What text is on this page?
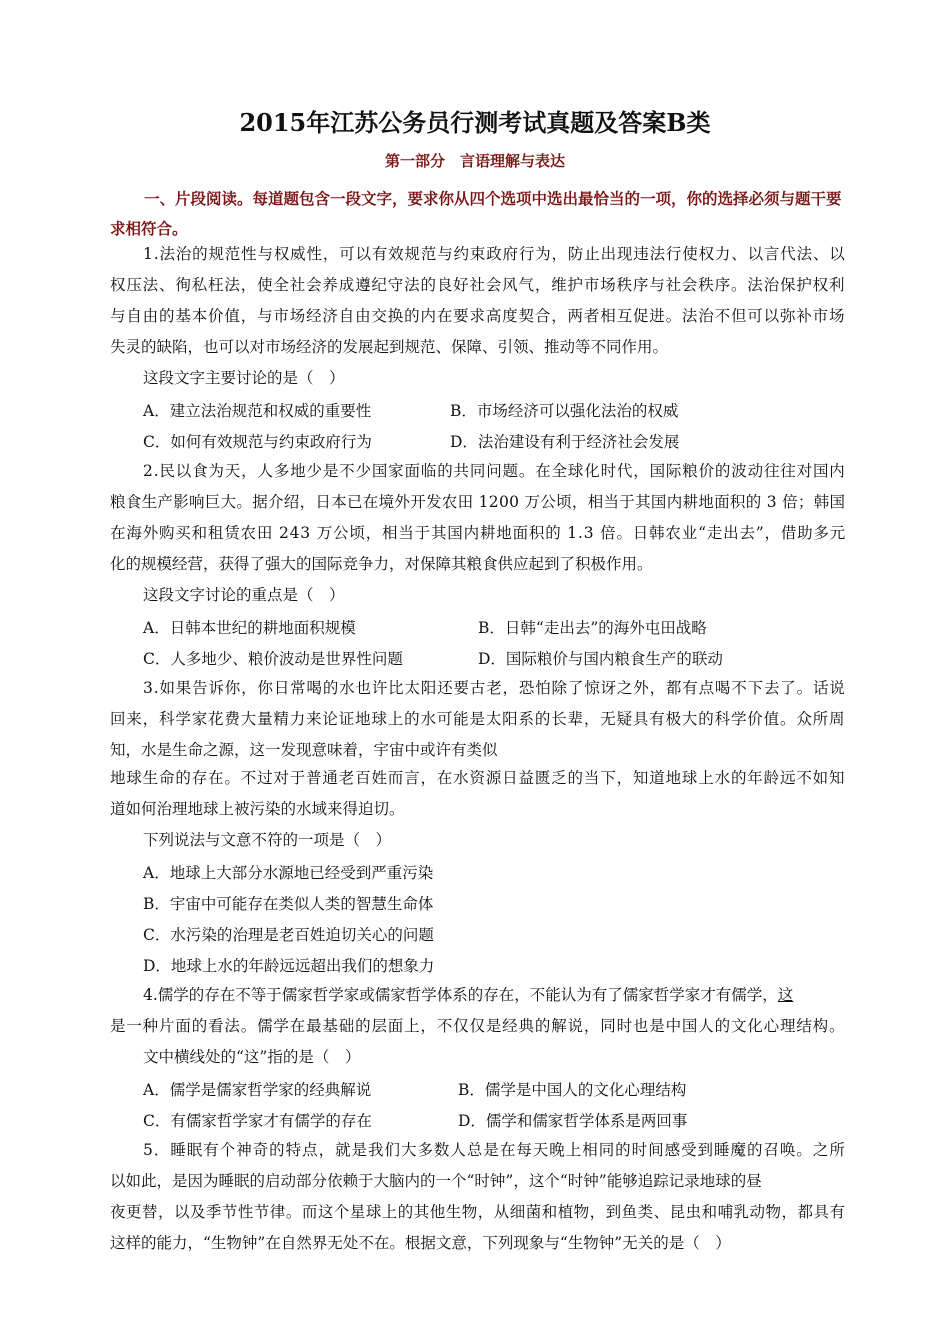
2015年江苏公务员行测考试真题及答案B类
第一部分　言语理解与表达
一、片段阅读。每道题包含一段文字，要求你从四个选项中选出最恰当的一项，你的选择必须与题干要求相符合。
1.法治的规范性与权威性，可以有效规范与约束政府行为，防止出现违法行使权力、以言代法、以
权压法、徇私枉法，使全社会养成遵纪守法的良好社会风气，维护市场秩序与社会秩序。法治保护权利
与自由的基本价值，与市场经济自由交换的内在要求高度契合，两者相互促进。法治不但可以弥补市场
失灵的缺陷，也可以对市场经济的发展起到规范、保障、引领、推动等不同作用。
这段文字主要讨论的是（　）
A．建立法治规范和权威的重要性	B．市场经济可以强化法治的权威
C．如何有效规范与约束政府行为	D．法治建设有利于经济社会发展
2.民以食为天，人多地少是不少国家面临的共同问题。在全球化时代，国际粮价的波动往往对国内
粮食生产影响巨大。据介绍，日本已在境外开发农田 1200 万公顷，相当于其国内耕地面积的 3 倍；韩国
在海外购买和租赁农田 243 万公顷，相当于其国内耕地面积的 1.3 倍。日韩农业“走出去”，借助多元
化的规模经营，获得了强大的国际竞争力，对保障其粮食供应起到了积极作用。
这段文字讨论的重点是（　）
A．日韩本世纪的耕地面积规模	B．日韩“走出去”的海外屯田战略
C．人多地少、粮价波动是世界性问题	D．国际粮价与国内粮食生产的联动
3.如果告诉你，你日常喝的水也许比太阳还要古老，恐怕除了惊讶之外，都有点喝不下去了。话说
回来，科学家花费大量精力来论证地球上的水可能是太阳系的长辈，无疑具有极大的科学价值。众所周
知，水是生命之源，这一发现意味着，宇宙中或许有类似
地球生命的存在。不过对于普通老百姓而言，在水资源日益匮乏的当下，知道地球上水的年龄远不如知
道如何治理地球上被污染的水域来得迫切。
下列说法与文意不符的一项是（　）
A．地球上大部分水源地已经受到严重污染
B．宇宙中可能存在类似人类的智慧生命体
C．水污染的治理是老百姓迫切关心的问题
D．地球上水的年龄远远超出我们的想象力
4.儒学的存在不等于儒家哲学家或儒家哲学体系的存在，不能认为有了儒家哲学家才有儒学，这
是一种片面的看法。儒学在最基础的层面上，不仅仅是经典的解说，同时也是中国人的文化心理结构。
文中横线处的“这”指的是（　）
A．儒学是儒家哲学家的经典解说	B．儒学是中国人的文化心理结构
C．有儒家哲学家才有儒学的存在	D．儒学和儒家哲学体系是两回事
5．睡眠有个神奇的特点，就是我们大多数人总是在每天晚上相同的时间感受到睡魔的召唤。之所
以如此，是因为睡眠的启动部分依赖于大脑内的一个“时钟”，这个“时钟”能够追踪记录地球的昼
夜更替，以及季节性节律。而这个星球上的其他生物，从细菌和植物，到鱼类、昆虫和哺乳动物，都具有
这样的能力，“生物钟”在自然界无处不在。根据文意，下列现象与“生物钟”无关的是（　）
